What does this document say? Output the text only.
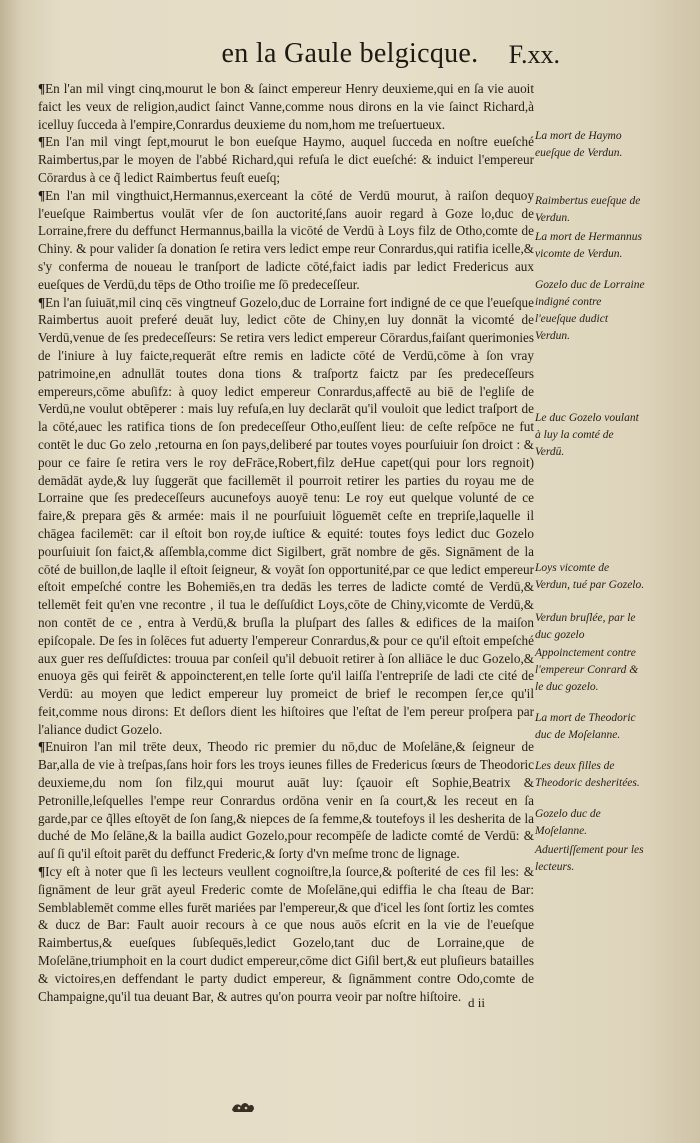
en la Gaule belgicque.	F.xx.

¶En l'an mil vingt cinq,mourut le bon & ſainct empereur Henry deuxieme,qui en ſa vie auoit faict les veux de religion,audict ſainct Vanne,comme nous dirons en la vie ſainct Richard,à icelluy ſucceda à l'empire,Conrardus deuxieme du nom,hom me treſuertueux.

¶En l'an mil vingt ſept,mourut le bon eueſque Haymo, auquel ſucceda en noſtre eueſché Raimbertus,par le moyen de l'abbé Richard,qui refuſa le dict eueſché: & induict l'empereur Cōrardus à ce q̃ ledict Raimbertus feuſt eueſq;

¶En l'an mil vingthuict,Hermannus,exerceant la cōté de Verdū mourut, à raiſon dequoy l'eueſque Raimbertus voulāt vſer de ſon auctorité,ſans auoir regard à Goze lo,duc de Lorraine,frere du deffunct Hermannus,bailla la vicōté de Verdū à Loys filz de Otho,comte de Chiny. & pour valider ſa donation ſe retira vers ledict empe reur Conrardus,qui ratifia icelle,& s'y conferma de noueau le tranſport de ladicte cōté,faict iadis par ledict Fredericus aux eueſques de Verdū,du tēps de Otho troiſie me ſō predeceſſeur.

¶En l'an ſuiuāt,mil cinq cēs vingtneuf Gozelo,duc de Lorraine fort indigné de ce que l'eueſque Raimbertus auoit preferé deuāt luy, ledict cōte de Chiny,en luy donnāt la vicomté de Verdū,venue de ſes predeceſſeurs: Se retira vers ledict empereur Cōrardus,faiſant querimonies de l'iniure à luy faicte,requerāt eſtre remis en ladicte cōté de Verdū,cōme à ſon vray patrimoine,en adnullāt toutes dona tions & traſportz faictz par ſes predeceſſeurs empereurs,cōme abuſifz: à quoy ledict empereur Conrardus,affectē au biē de l'egliſe de Verdū,ne voulut obtēperer : mais luy refuſa,en luy declarāt qu'il vouloit que ledict traſport de la cōté,auec les ratifica tions de ſon predeceſſeur Otho,euſſent lieu: de ceſte reſpōce ne fut contēt le duc Go zelo ,retourna en ſon pays,deliberé par toutes voyes pourſuiuir ſon droict : & pour ce faire ſe retira vers le roy deFrāce,Robert,filz deHue capet(qui pour lors regnoit) demādāt ayde,& luy ſuggerāt que facillemēt il pourroit retirer les parties du royau me de Lorraine que ſes predeceſſeurs aucunefoys auoyē tenu: Le roy eut quelque volunté de ce faire,& prepara gēs & armée: mais il ne pourſuiuit lōguemēt ceſte en trepriſe,laquelle il chāgea facilemēt: car il eſtoit bon roy,de iuſtice & equité: toutes foys ledict duc Gozelo pourſuiuit ſon faict,& aſſembla,comme dict Sigilbert, grāt nombre de gēs. Signāment de la cōté de buillon,de laqlle il eſtoit ſeigneur, & voyāt ſon opportunité,par ce que ledict empereur eſtoit empeſché contre les Bohemiēs,en tra dedās les terres de ladicte comté de Verdū,& tellemēt feit qu'en vne recontre , il tua le deſſuſdict Loys,cōte de Chiny,vicomte de Verdū,& non contēt de ce , entra à Verdū,& bruſla la pluſpart des ſalles & edifices de la maiſon epiſcopale. De ſes in ſolēces fut aduerty l'empereur Conrardus,& pour ce qu'il eſtoit empeſché aux guer res deſſuſdictes: trouua par conſeil qu'il debuoit retirer à ſon alliāce le duc Gozelo,& enuoya gēs qui feirēt & appoincterent,en telle ſorte qu'il laiſſa l'entrepriſe de ladi cte cité de Verdū: au moyen que ledict empereur luy promeict de brief le recompen ſer,ce qu'il feit,comme nous dirons: Et deſlors dient les hiſtoires que l'eſtat de l'em pereur proſpera par l'aliance dudict Gozelo.

¶Enuiron l'an mil trēte deux, Theodo ric premier du nō,duc de Moſelāne,& ſeigneur de Bar,alla de vie à treſpas,ſans hoir fors les troys ieunes filles de Fredericus ſœurs de Theodoric deuxieme,du nom ſon filz,qui mourut auāt luy: ſçauoir eſt Sophie,Beatrix & Petronille,leſquelles l'empe reur Conrardus ordōna venir en ſa court,& les receut en ſa garde,par ce q̃lles eſtoyēt de ſon ſang,& niepces de ſa femme,& toutefoys il les desherita de la duché de Mo ſelāne,& la bailla audict Gozelo,pour recompēſe de ladicte comté de Verdū: & auſ ſi qu'il eſtoit parēt du deffunct Frederic,& ſorty d'vn meſme tronc de lignage.

¶Icy eſt à noter que ſi les lecteurs veullent cognoiſtre,la ſource,& poſterité de ces fil les: & ſignāment de leur grāt ayeul Frederic comte de Moſelāne,qui ediffia le cha ſteau de Bar: Semblablemēt comme elles furēt mariées par l'empereur,& que d'icel les ſont ſortiz les comtes & ducz de Bar: Fault auoir recours à ce que nous auōs eſcrit en la vie de l'eueſque Raimbertus,& eueſques ſubſequēs,ledict Gozelo,tant duc de Lorraine,que de Moſelāne,triumphoit en la court dudict empereur,cōme dict Giſil bert,& eut pluſieurs batailles & victoires,en deffendant le party dudict empereur, & ſignāmment contre Odo,comte de Champaigne,qu'il tua deuant Bar, & autres qu'on pourra veoir par noſtre hiſtoire.

La mort de Haymo eueſque de Verdun.
Raimbertus eueſque de Verdun.
La mort de Hermannus vicomte de Verdun.
Gozelo duc de Lorraine indigné contre l'eueſque dudict Verdun.
Le duc Gozelo voulant à luy la comté de Verdū.
Loys vicomte de Verdun, tué par Gozelo.
Verdun bruſlée, par le duc gozelo
Appoinctement contre l'empereur Conrard & le duc gozelo.
La mort de Theodoric duc de Moſelanne.
Les deux filles de Theodoric desheritées.
Gozelo duc de Moſelanne.
Aduertiſſement pour les lecteurs.
d ii
